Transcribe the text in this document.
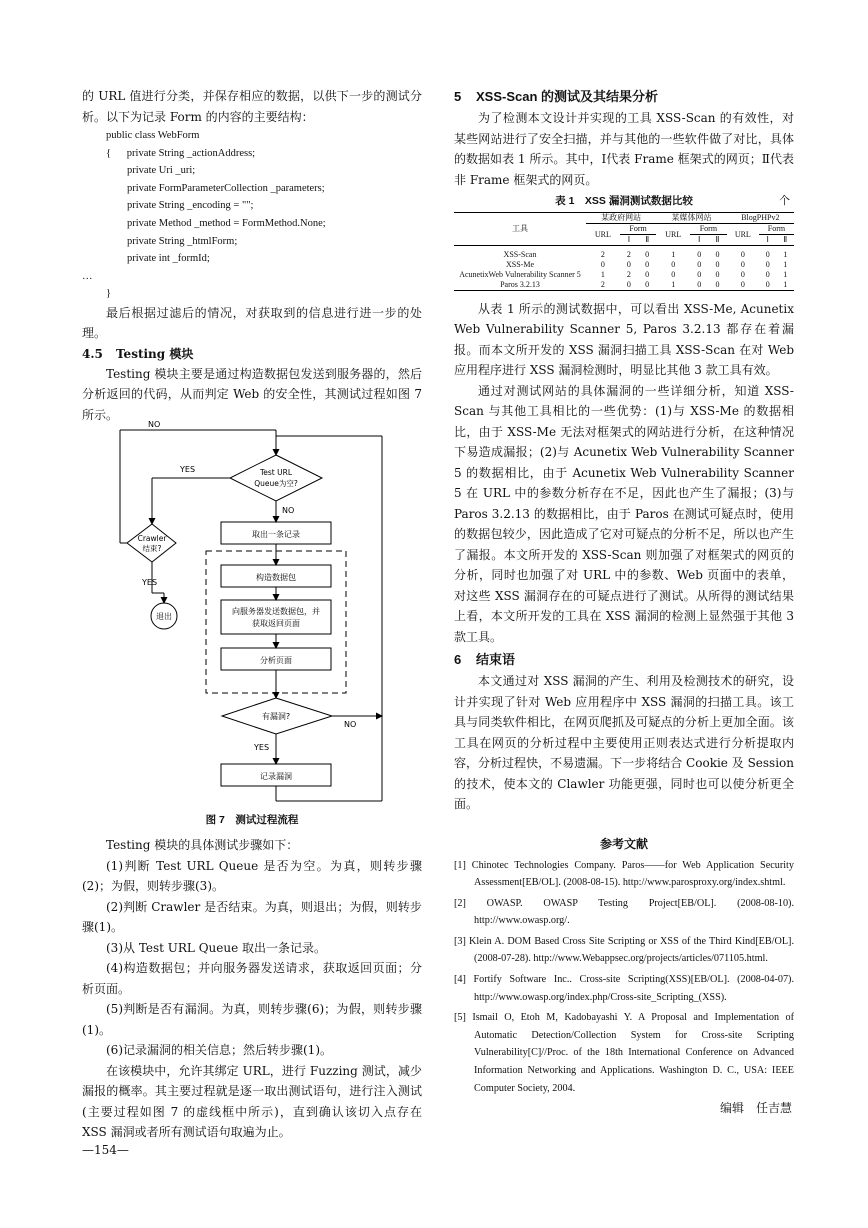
的 URL 值进行分类，并保存相应的数据，以供下一步的测试分析。以下为记录 Form 的内容的主要结构：

public class WebForm
{      private String _actionAddress;
private Uri _uri;
private FormParameterCollection _parameters;
private String _encoding = "";
private Method _method = FormMethod.None;
private String _htmlForm;
private int _formId;
…
}

最后根据过滤后的情况，对获取到的信息进行进一步的处理。

4.5 Testing 模块

Testing 模块主要是通过构造数据包发送到服务器的，然后分析返回的代码，从而判定 Web 的安全性，其测试过程如图 7 所示。

NO
YES	Test URL
Queue为空?
NO
取出一条记录
Crawler
结束?
构造数据包
YES
向服务器发送数据包，并
获取返回页面
退出
分析页面
有漏洞?
NO
YES
记录漏洞
图 7　测试过程流程

Testing 模块的具体测试步骤如下：

(1)判断 Test URL Queue 是否为空。为真，则转步骤(2)；为假，则转步骤(3)。

(2)判断 Crawler 是否结束。为真，则退出；为假，则转步骤(1)。

(3)从 Test URL Queue 取出一条记录。

(4)构造数据包；并向服务器发送请求，获取返回页面；分析页面。

(5)判断是否有漏洞。为真，则转步骤(6)；为假，则转步骤(1)。

(6)记录漏洞的相关信息；然后转步骤(1)。

在该模块中，允许其绑定 URL，进行 Fuzzing 测试，减少漏报的概率。其主要过程就是逐一取出测试语句，进行注入测试(主要过程如图 7 的虚线框中所示)，直到确认该切入点存在 XSS 漏洞或者所有测试语句取遍为止。

5 XSS-Scan 的测试及其结果分析

为了检测本文设计并实现的工具 XSS-Scan 的有效性，对某些网站进行了安全扫描，并与其他的一些软件做了对比，具体的数据如表 1 所示。其中，Ⅰ代表 Frame 框架式的网页；Ⅱ代表非 Frame 框架式的网页。

表 1　XSS 漏洞测试数据比较	个
工具	某政府网站			某媒体网站			BlogPHPv2		
	URL	Form		URL	Form		URL	Form	
		Ⅰ	Ⅱ		Ⅰ	Ⅱ		Ⅰ	Ⅱ

XSS-Scan	2	2	0	1	0	0	0	0	1
XSS-Me	0	0	0	0	0	0	0	0	1
AcunetixWeb Vulnerability Scanner 5	1	2	0	0	0	0	0	0	1
Paros 3.2.13	2	0	0	1	0	0	0	0	1

从表 1 所示的测试数据中，可以看出 XSS-Me, Acunetix Web Vulnerability Scanner 5, Paros 3.2.13 都存在着漏报。而本文所开发的 XSS 漏洞扫描工具 XSS-Scan 在对 Web 应用程序进行 XSS 漏洞检测时，明显比其他 3 款工具有效。

通过对测试网站的具体漏洞的一些详细分析，知道 XSS-Scan 与其他工具相比的一些优势：(1)与 XSS-Me 的数据相比，由于 XSS-Me 无法对框架式的网站进行分析，在这种情况下易造成漏报；(2)与 Acunetix Web Vulnerability Scanner 5 的数据相比，由于 Acunetix Web Vulnerability Scanner 5 在 URL 中的参数分析存在不足，因此也产生了漏报；(3)与 Paros 3.2.13 的数据相比，由于 Paros 在测试可疑点时，使用的数据包较少，因此造成了它对可疑点的分析不足，所以也产生了漏报。本文所开发的 XSS-Scan 则加强了对框架式的网页的分析，同时也加强了对 URL 中的参数、Web 页面中的表单，对这些 XSS 漏洞存在的可疑点进行了测试。从所得的测试结果上看，本文所开发的工具在 XSS 漏洞的检测上显然强于其他 3 款工具。

6 结束语

本文通过对 XSS 漏洞的产生、利用及检测技术的研究，设计并实现了针对 Web 应用程序中 XSS 漏洞的扫描工具。该工具与同类软件相比，在网页爬抓及可疑点的分析上更加全面。该工具在网页的分析过程中主要使用正则表达式进行分析提取内容，分析过程快，不易遗漏。下一步将结合 Cookie 及 Session 的技术，使本文的 Clawler 功能更强，同时也可以使分析更全面。

参考文献
[1] Chinotec Technologies Company. Paros——for Web Application Security Assessment[EB/OL]. (2008-08-15). http://www.parosproxy.org/index.shtml.
[2] OWASP. OWASP Testing Project[EB/OL]. (2008-08-10). http://www.owasp.org/.
[3] Klein A. DOM Based Cross Site Scripting or XSS of the Third Kind[EB/OL]. (2008-07-28). http://www.Webappsec.org/projects/articles/071105.html.
[4] Fortify Software Inc.. Cross-site Scripting(XSS)[EB/OL]. (2008-04-07). http://www.owasp.org/index.php/Cross-site_Scripting_(XSS).
[5] Ismail O, Etoh M, Kadobayashi Y. A Proposal and Implementation of Automatic Detection/Collection System for Cross-site Scripting Vulnerability[C]//Proc. of the 18th International Conference on Advanced Information Networking and Applications. Washington D. C., USA: IEEE Computer Society, 2004.
编辑　任吉慧
—154—
